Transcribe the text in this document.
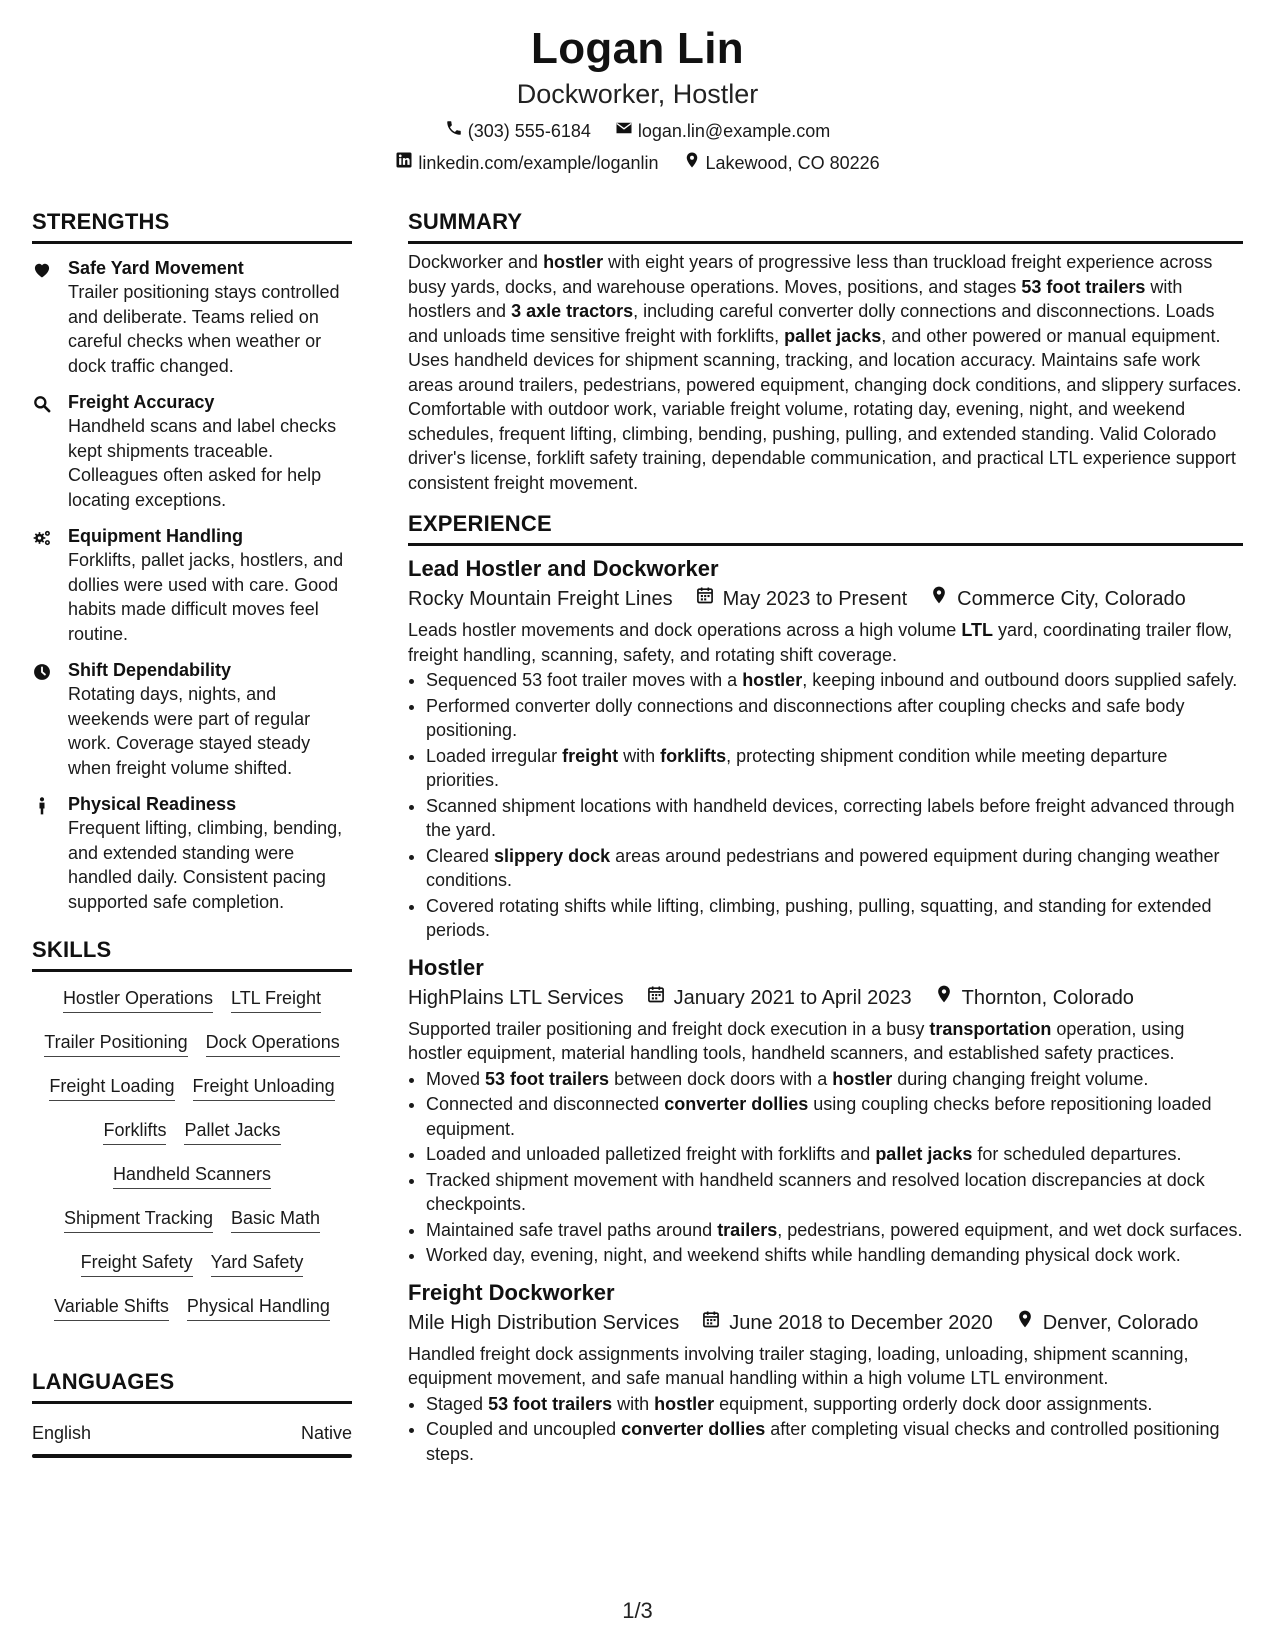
Logan Lin
Dockworker, Hostler
(303) 555-6184	logan.lin@example.com
linkedin.com/example/loganlin	Lakewood, CO 80226
STRENGTHS
Safe Yard Movement
Trailer positioning stays controlled and deliberate. Teams relied on careful checks when weather or dock traffic changed.
Freight Accuracy
Handheld scans and label checks kept shipments traceable. Colleagues often asked for help locating exceptions.
Equipment Handling
Forklifts, pallet jacks, hostlers, and dollies were used with care. Good habits made difficult moves feel routine.
Shift Dependability
Rotating days, nights, and weekends were part of regular work. Coverage stayed steady when freight volume shifted.
Physical Readiness
Frequent lifting, climbing, bending, and extended standing were handled daily. Consistent pacing supported safe completion.
SKILLS
Hostler Operations LTL Freight
Trailer Positioning Dock Operations
Freight Loading Freight Unloading
Forklifts Pallet Jacks
Handheld Scanners
Shipment Tracking Basic Math
Freight Safety Yard Safety
Variable Shifts Physical Handling
LANGUAGES
English	Native
SUMMARY
Dockworker and hostler with eight years of progressive less than truckload freight experience across busy yards, docks, and warehouse operations. Moves, positions, and stages 53 foot trailers with hostlers and 3 axle tractors, including careful converter dolly connections and disconnections. Loads and unloads time sensitive freight with forklifts, pallet jacks, and other powered or manual equipment. Uses handheld devices for shipment scanning, tracking, and location accuracy. Maintains safe work areas around trailers, pedestrians, powered equipment, changing dock conditions, and slippery surfaces. Comfortable with outdoor work, variable freight volume, rotating day, evening, night, and weekend schedules, frequent lifting, climbing, bending, pushing, pulling, and extended standing. Valid Colorado driver's license, forklift safety training, dependable communication, and practical LTL experience support consistent freight movement.
EXPERIENCE
Lead Hostler and Dockworker
Rocky Mountain Freight Lines	May 2023 to Present	Commerce City, Colorado
Leads hostler movements and dock operations across a high volume LTL yard, coordinating trailer flow, freight handling, scanning, safety, and rotating shift coverage.
• Sequenced 53 foot trailer moves with a hostler, keeping inbound and outbound doors supplied safely.
• Performed converter dolly connections and disconnections after coupling checks and safe body positioning.
• Loaded irregular freight with forklifts, protecting shipment condition while meeting departure priorities.
• Scanned shipment locations with handheld devices, correcting labels before freight advanced through the yard.
• Cleared slippery dock areas around pedestrians and powered equipment during changing weather conditions.
• Covered rotating shifts while lifting, climbing, pushing, pulling, squatting, and standing for extended periods.
Hostler
HighPlains LTL Services	January 2021 to April 2023	Thornton, Colorado
Supported trailer positioning and freight dock execution in a busy transportation operation, using hostler equipment, material handling tools, handheld scanners, and established safety practices.
• Moved 53 foot trailers between dock doors with a hostler during changing freight volume.
• Connected and disconnected converter dollies using coupling checks before repositioning loaded equipment.
• Loaded and unloaded palletized freight with forklifts and pallet jacks for scheduled departures.
• Tracked shipment movement with handheld scanners and resolved location discrepancies at dock checkpoints.
• Maintained safe travel paths around trailers, pedestrians, powered equipment, and wet dock surfaces.
• Worked day, evening, night, and weekend shifts while handling demanding physical dock work.
Freight Dockworker
Mile High Distribution Services	June 2018 to December 2020	Denver, Colorado
Handled freight dock assignments involving trailer staging, loading, unloading, shipment scanning, equipment movement, and safe manual handling within a high volume LTL environment.
• Staged 53 foot trailers with hostler equipment, supporting orderly dock door assignments.
• Coupled and uncoupled converter dollies after completing visual checks and controlled positioning steps.
1/3
